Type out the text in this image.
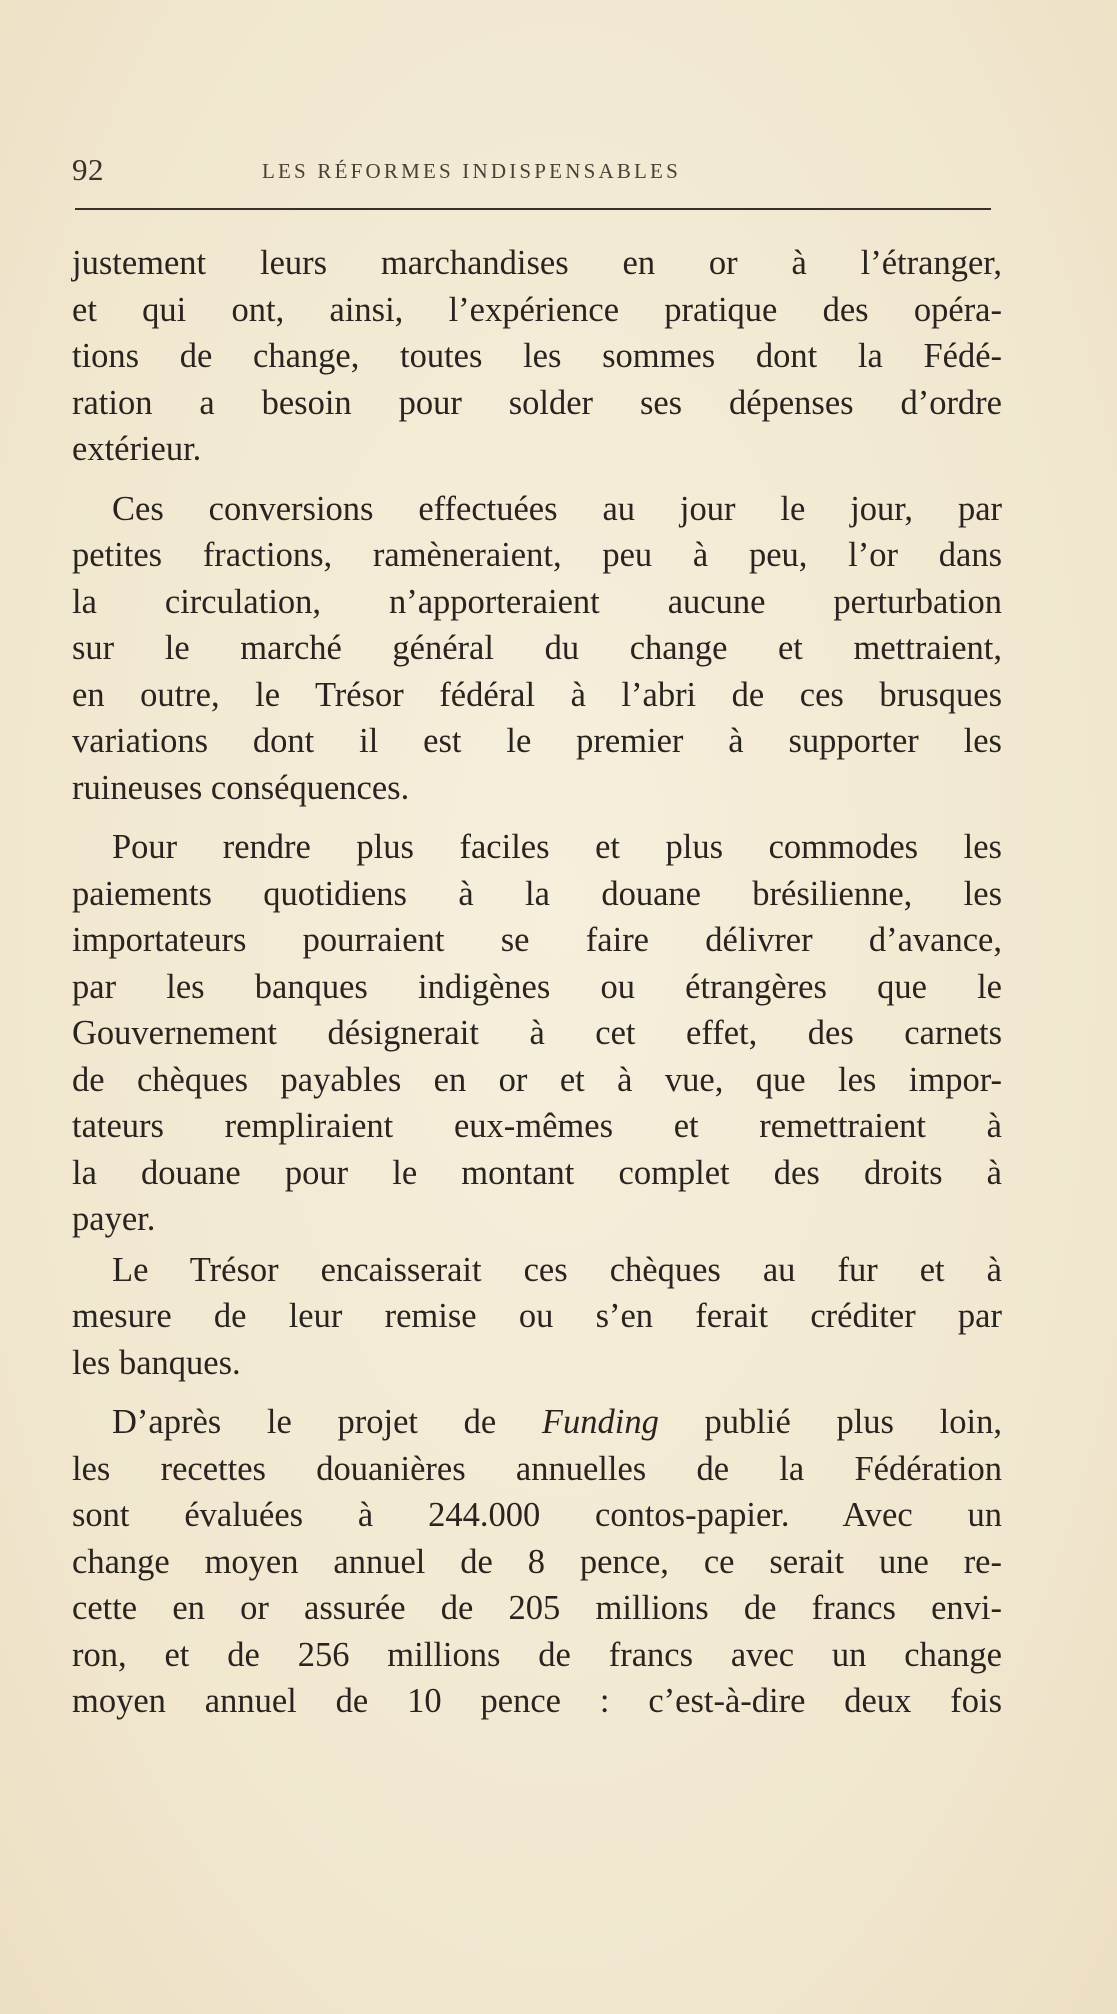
92	LES RÉFORMES INDISPENSABLES
justement leurs marchandises en or à l’étranger,
et qui ont, ainsi, l’expérience pratique des opéra-
tions de change, toutes les sommes dont la Fédé-
ration a besoin pour solder ses dépenses d’ordre
extérieur.
Ces conversions effectuées au jour le jour, par
petites fractions, ramèneraient, peu à peu, l’or dans
la circulation, n’apporteraient aucune perturbation
sur le marché général du change et mettraient,
en outre, le Trésor fédéral à l’abri de ces brusques
variations dont il est le premier à supporter les
ruineuses conséquences.
Pour rendre plus faciles et plus commodes les
paiements quotidiens à la douane brésilienne, les
importateurs pourraient se faire délivrer d’avance,
par les banques indigènes ou étrangères que le
Gouvernement désignerait à cet effet, des carnets
de chèques payables en or et à vue, que les impor-
tateurs rempliraient eux-mêmes et remettraient à
la douane pour le montant complet des droits à
payer.
Le Trésor encaisserait ces chèques au fur et à
mesure de leur remise ou s’en ferait créditer par
les banques.
D’après le projet de Funding publié plus loin,
les recettes douanières annuelles de la Fédération
sont évaluées à 244.000 contos-papier. Avec un
change moyen annuel de 8 pence, ce serait une re-
cette en or assurée de 205 millions de francs envi-
ron, et de 256 millions de francs avec un change
moyen annuel de 10 pence : c’est-à-dire deux fois
